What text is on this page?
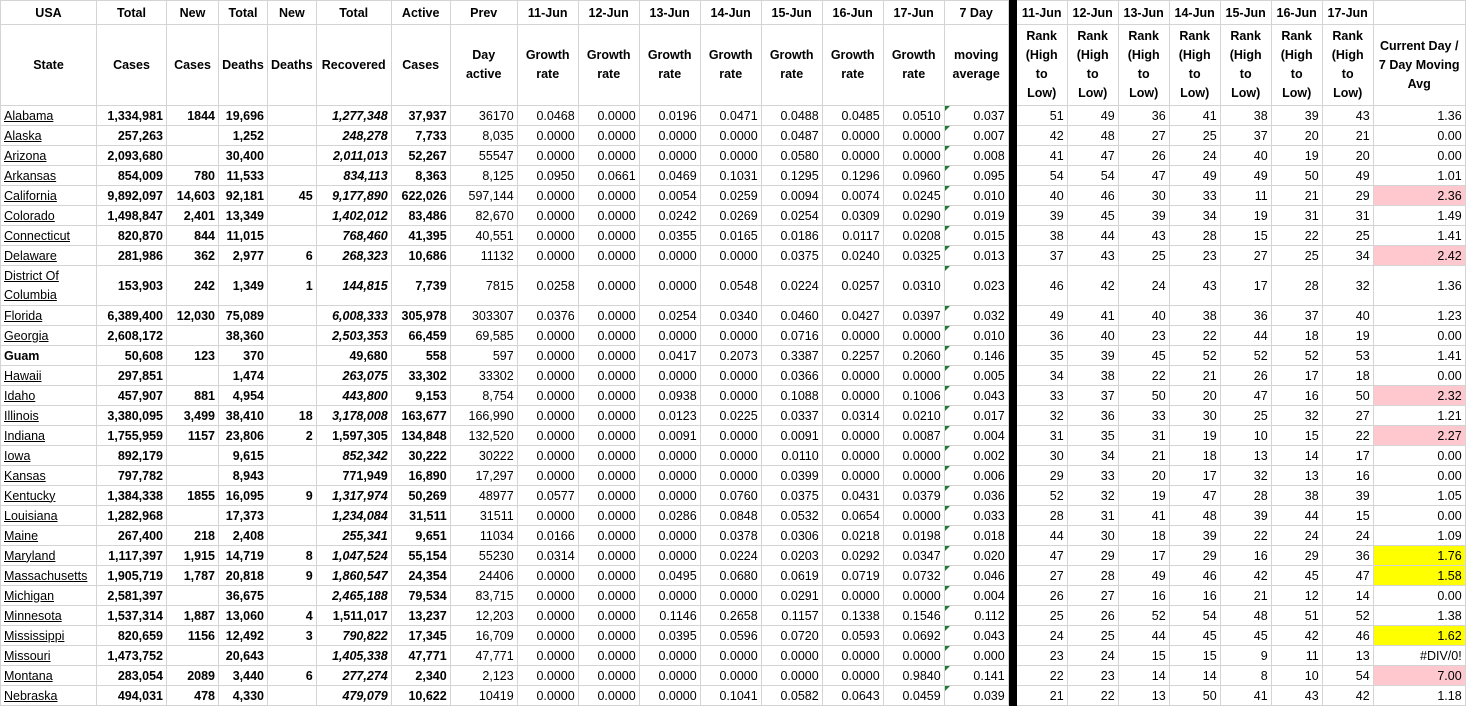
USA	Total	New	Total	New	Total	Active	Prev	11-Jun	12-Jun	13-Jun	14-Jun	15-Jun	16-Jun	17-Jun	7 Day		11-Jun	12-Jun	13-Jun	14-Jun	15-Jun	16-Jun	17-Jun	
State	Cases	Cases	Deaths	Deaths	Recovered	Cases	Day active	Growth rate	Growth rate	Growth rate	Growth rate	Growth rate	Growth rate	Growth rate	moving average		Rank (High to Low)	Rank (High to Low)	Rank (High to Low)	Rank (High to Low)	Rank (High to Low)	Rank (High to Low)	Rank (High to Low)	Current Day / 7 Day Moving Avg
Alabama	1,334,981	1844	19,696		1,277,348	37,937	36170	0.0468	0.0000	0.0196	0.0471	0.0488	0.0485	0.0510	0.037		51	49	36	41	38	39	43	1.36
Alaska	257,263		1,252		248,278	7,733	8,035	0.0000	0.0000	0.0000	0.0000	0.0487	0.0000	0.0000	0.007		42	48	27	25	37	20	21	0.00
Arizona	2,093,680		30,400		2,011,013	52,267	55547	0.0000	0.0000	0.0000	0.0000	0.0580	0.0000	0.0000	0.008		41	47	26	24	40	19	20	0.00
Arkansas	854,009	780	11,533		834,113	8,363	8,125	0.0950	0.0661	0.0469	0.1031	0.1295	0.1296	0.0960	0.095		54	54	47	49	49	50	49	1.01
California	9,892,097	14,603	92,181	45	9,177,890	622,026	597,144	0.0000	0.0000	0.0054	0.0259	0.0094	0.0074	0.0245	0.010		40	46	30	33	11	21	29	2.36
Colorado	1,498,847	2,401	13,349		1,402,012	83,486	82,670	0.0000	0.0000	0.0242	0.0269	0.0254	0.0309	0.0290	0.019		39	45	39	34	19	31	31	1.49
Connecticut	820,870	844	11,015		768,460	41,395	40,551	0.0000	0.0000	0.0355	0.0165	0.0186	0.0117	0.0208	0.015		38	44	43	28	15	22	25	1.41
Delaware	281,986	362	2,977	6	268,323	10,686	11132	0.0000	0.0000	0.0000	0.0000	0.0375	0.0240	0.0325	0.013		37	43	25	23	27	25	34	2.42
District Of Columbia	153,903	242	1,349	1	144,815	7,739	7815	0.0258	0.0000	0.0000	0.0548	0.0224	0.0257	0.0310	0.023		46	42	24	43	17	28	32	1.36
Florida	6,389,400	12,030	75,089		6,008,333	305,978	303307	0.0376	0.0000	0.0254	0.0340	0.0460	0.0427	0.0397	0.032		49	41	40	38	36	37	40	1.23
Georgia	2,608,172		38,360		2,503,353	66,459	69,585	0.0000	0.0000	0.0000	0.0000	0.0716	0.0000	0.0000	0.010		36	40	23	22	44	18	19	0.00
Guam	50,608	123	370		49,680	558	597	0.0000	0.0000	0.0417	0.2073	0.3387	0.2257	0.2060	0.146		35	39	45	52	52	52	53	1.41
Hawaii	297,851		1,474		263,075	33,302	33302	0.0000	0.0000	0.0000	0.0000	0.0366	0.0000	0.0000	0.005		34	38	22	21	26	17	18	0.00
Idaho	457,907	881	4,954		443,800	9,153	8,754	0.0000	0.0000	0.0938	0.0000	0.1088	0.0000	0.1006	0.043		33	37	50	20	47	16	50	2.32
Illinois	3,380,095	3,499	38,410	18	3,178,008	163,677	166,990	0.0000	0.0000	0.0123	0.0225	0.0337	0.0314	0.0210	0.017		32	36	33	30	25	32	27	1.21
Indiana	1,755,959	1157	23,806	2	1,597,305	134,848	132,520	0.0000	0.0000	0.0091	0.0000	0.0091	0.0000	0.0087	0.004		31	35	31	19	10	15	22	2.27
Iowa	892,179		9,615		852,342	30,222	30222	0.0000	0.0000	0.0000	0.0000	0.0110	0.0000	0.0000	0.002		30	34	21	18	13	14	17	0.00
Kansas	797,782		8,943		771,949	16,890	17,297	0.0000	0.0000	0.0000	0.0000	0.0399	0.0000	0.0000	0.006		29	33	20	17	32	13	16	0.00
Kentucky	1,384,338	1855	16,095	9	1,317,974	50,269	48977	0.0577	0.0000	0.0000	0.0760	0.0375	0.0431	0.0379	0.036		52	32	19	47	28	38	39	1.05
Louisiana	1,282,968		17,373		1,234,084	31,511	31511	0.0000	0.0000	0.0286	0.0848	0.0532	0.0654	0.0000	0.033		28	31	41	48	39	44	15	0.00
Maine	267,400	218	2,408		255,341	9,651	11034	0.0166	0.0000	0.0000	0.0378	0.0306	0.0218	0.0198	0.018		44	30	18	39	22	24	24	1.09
Maryland	1,117,397	1,915	14,719	8	1,047,524	55,154	55230	0.0314	0.0000	0.0000	0.0224	0.0203	0.0292	0.0347	0.020		47	29	17	29	16	29	36	1.76
Massachusetts	1,905,719	1,787	20,818	9	1,860,547	24,354	24406	0.0000	0.0000	0.0495	0.0680	0.0619	0.0719	0.0732	0.046		27	28	49	46	42	45	47	1.58
Michigan	2,581,397		36,675		2,465,188	79,534	83,715	0.0000	0.0000	0.0000	0.0000	0.0291	0.0000	0.0000	0.004		26	27	16	16	21	12	14	0.00
Minnesota	1,537,314	1,887	13,060	4	1,511,017	13,237	12,203	0.0000	0.0000	0.1146	0.2658	0.1157	0.1338	0.1546	0.112		25	26	52	54	48	51	52	1.38
Mississippi	820,659	1156	12,492	3	790,822	17,345	16,709	0.0000	0.0000	0.0395	0.0596	0.0720	0.0593	0.0692	0.043		24	25	44	45	45	42	46	1.62
Missouri	1,473,752		20,643		1,405,338	47,771	47,771	0.0000	0.0000	0.0000	0.0000	0.0000	0.0000	0.0000	0.000		23	24	15	15	9	11	13	#DIV/0!
Montana	283,054	2089	3,440	6	277,274	2,340	2,123	0.0000	0.0000	0.0000	0.0000	0.0000	0.0000	0.9840	0.141		22	23	14	14	8	10	54	7.00
Nebraska	494,031	478	4,330		479,079	10,622	10419	0.0000	0.0000	0.0000	0.1041	0.0582	0.0643	0.0459	0.039		21	22	13	50	41	43	42	1.18
